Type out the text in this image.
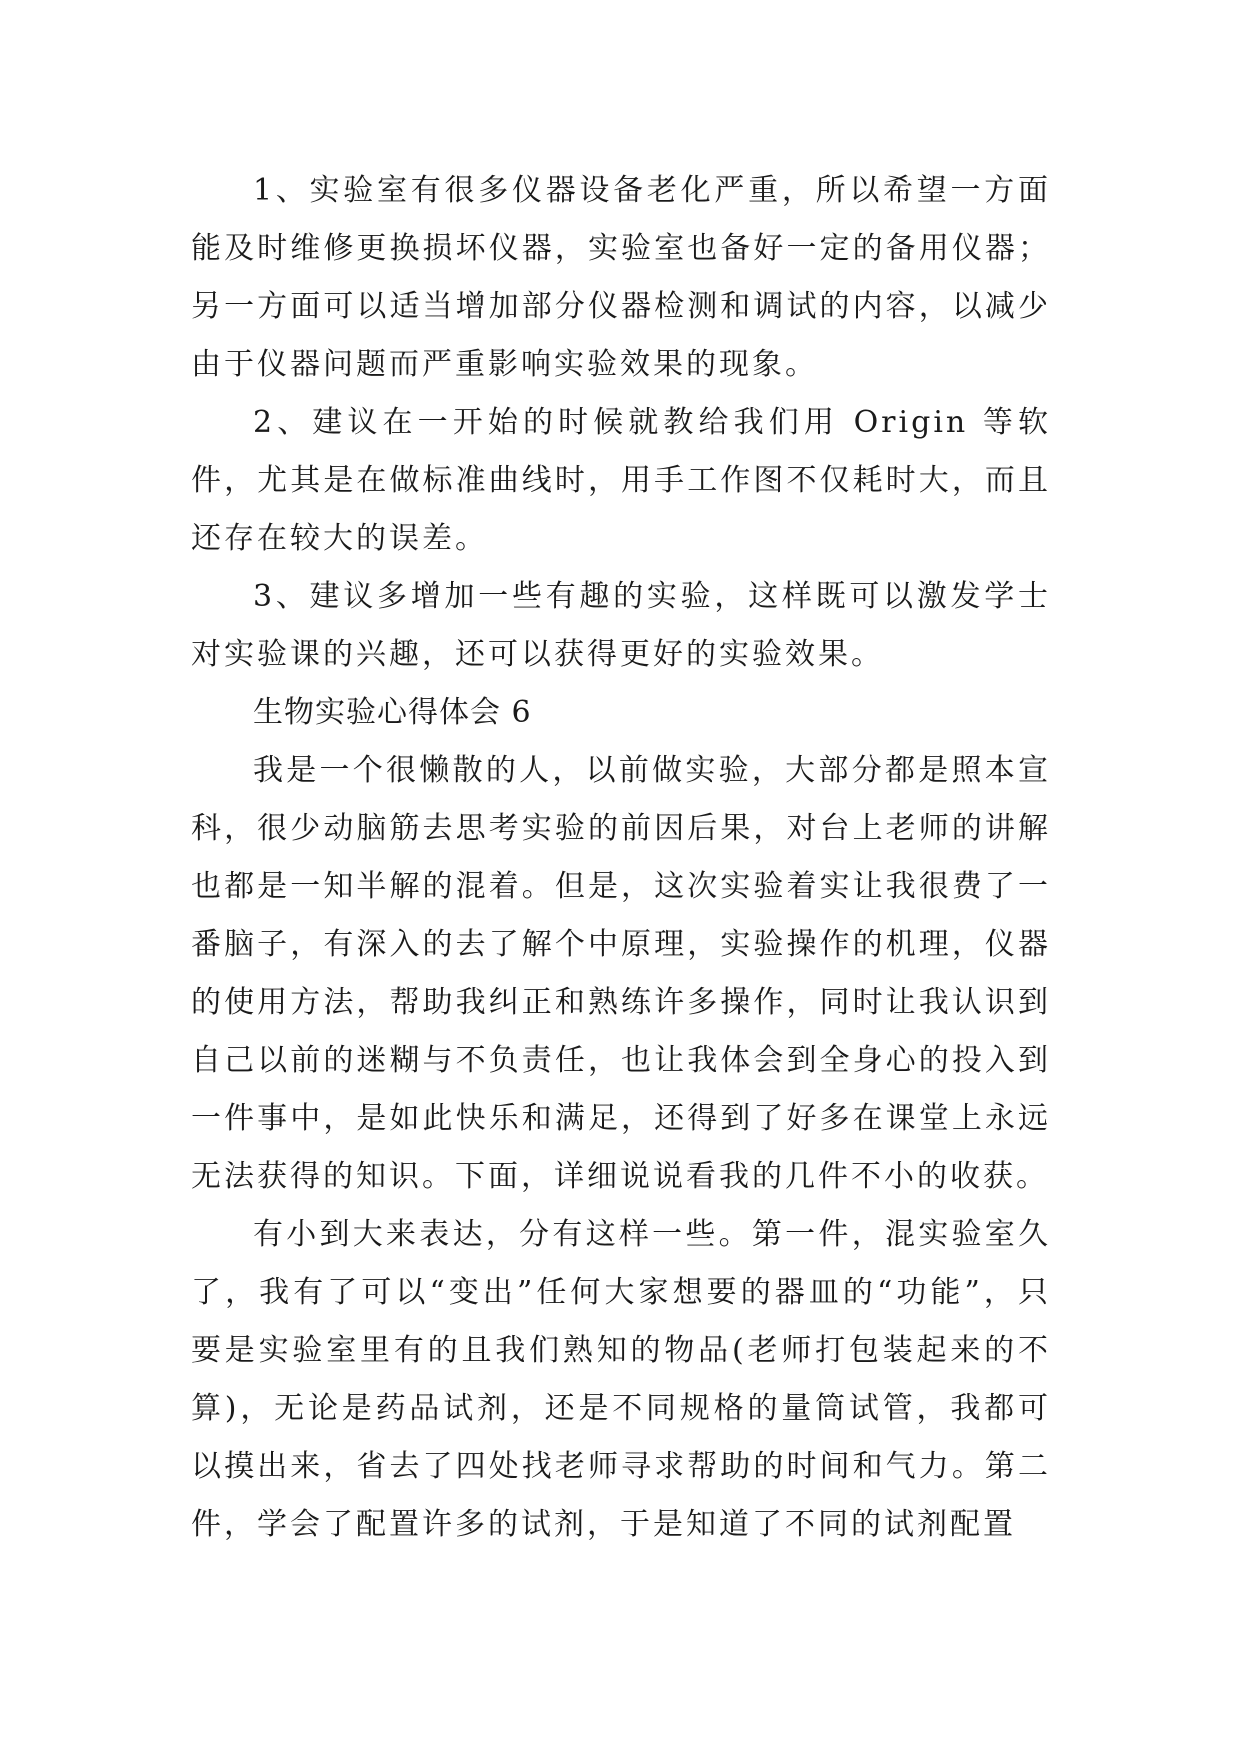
1、实验室有很多仪器设备老化严重，所以希望一方面能及时维修更换损坏仪器，实验室也备好一定的备用仪器；另一方面可以适当增加部分仪器检测和调试的内容，以减少由于仪器问题而严重影响实验效果的现象。

2、建议在一开始的时候就教给我们用 Origin 等软件，尤其是在做标准曲线时，用手工作图不仅耗时大，而且还存在较大的误差。

3、建议多增加一些有趣的实验，这样既可以激发学士对实验课的兴趣，还可以获得更好的实验效果。

生物实验心得体会 6

我是一个很懒散的人，以前做实验，大部分都是照本宣科，很少动脑筋去思考实验的前因后果，对台上老师的讲解也都是一知半解的混着。但是，这次实验着实让我很费了一番脑子，有深入的去了解个中原理，实验操作的机理，仪器的使用方法，帮助我纠正和熟练许多操作，同时让我认识到自己以前的迷糊与不负责任，也让我体会到全身心的投入到一件事中，是如此快乐和满足，还得到了好多在课堂上永远无法获得的知识。下面，详细说说看我的几件不小的收获。

有小到大来表达，分有这样一些。第一件，混实验室久了，我有了可以“变出”任何大家想要的器皿的“功能”，只要是实验室里有的且我们熟知的物品(老师打包装起来的不算)，无论是药品试剂，还是不同规格的量筒试管，我都可以摸出来，省去了四处找老师寻求帮助的时间和气力。第二件，学会了配置许多的试剂，于是知道了不同的试剂配置
